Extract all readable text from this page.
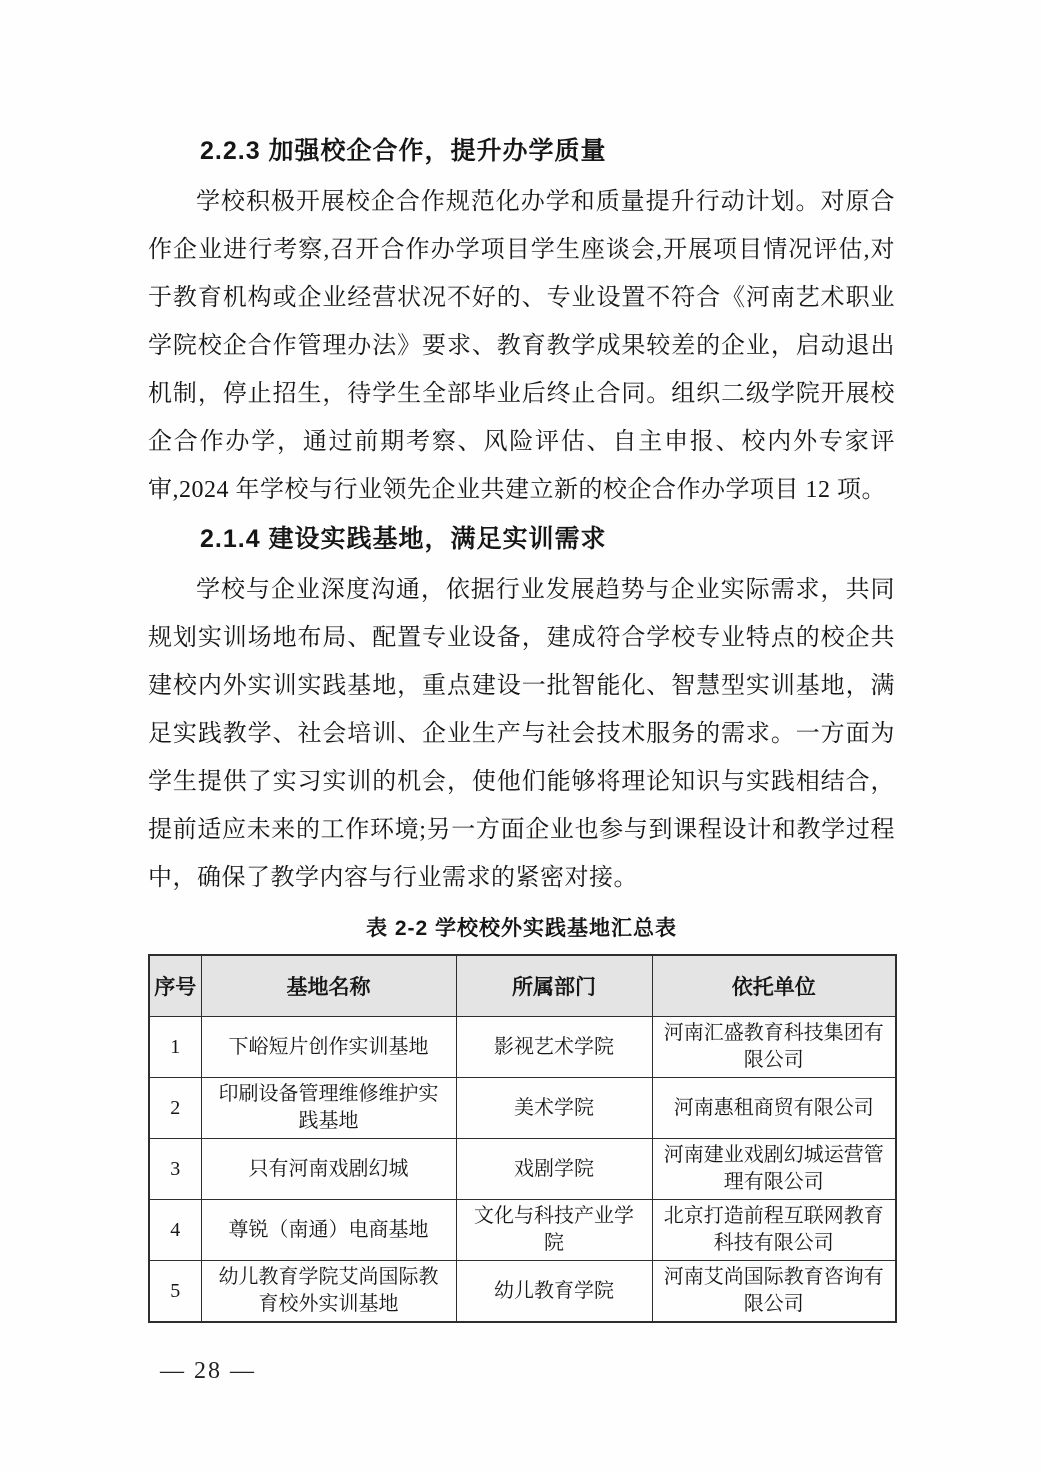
2.2.3 加强校企合作，提升办学质量

学校积极开展校企合作规范化办学和质量提升行动计划。对原合作企业进行考察,召开合作办学项目学生座谈会,开展项目情况评估,对于教育机构或企业经营状况不好的、专业设置不符合《河南艺术职业学院校企合作管理办法》要求、教育教学成果较差的企业，启动退出机制，停止招生，待学生全部毕业后终止合同。组织二级学院开展校企合作办学，通过前期考察、风险评估、自主申报、校内外专家评审,2024 年学校与行业领先企业共建立新的校企合作办学项目 12 项。

2.1.4 建设实践基地，满足实训需求

学校与企业深度沟通，依据行业发展趋势与企业实际需求，共同规划实训场地布局、配置专业设备，建成符合学校专业特点的校企共建校内外实训实践基地，重点建设一批智能化、智慧型实训基地，满足实践教学、社会培训、企业生产与社会技术服务的需求。一方面为学生提供了实习实训的机会，使他们能够将理论知识与实践相结合，提前适应未来的工作环境;另一方面企业也参与到课程设计和教学过程中，确保了教学内容与行业需求的紧密对接。

表 2-2 学校校外实践基地汇总表
序号	基地名称	所属部门	依托单位
1	下峪短片创作实训基地	影视艺术学院	河南汇盛教育科技集团有限公司
2	印刷设备管理维修维护实践基地	美术学院	河南惠租商贸有限公司
3	只有河南戏剧幻城	戏剧学院	河南建业戏剧幻城运营管理有限公司
4	尊锐（南通）电商基地	文化与科技产业学院	北京打造前程互联网教育科技有限公司
5	幼儿教育学院艾尚国际教育校外实训基地	幼儿教育学院	河南艾尚国际教育咨询有限公司
— 28 —
